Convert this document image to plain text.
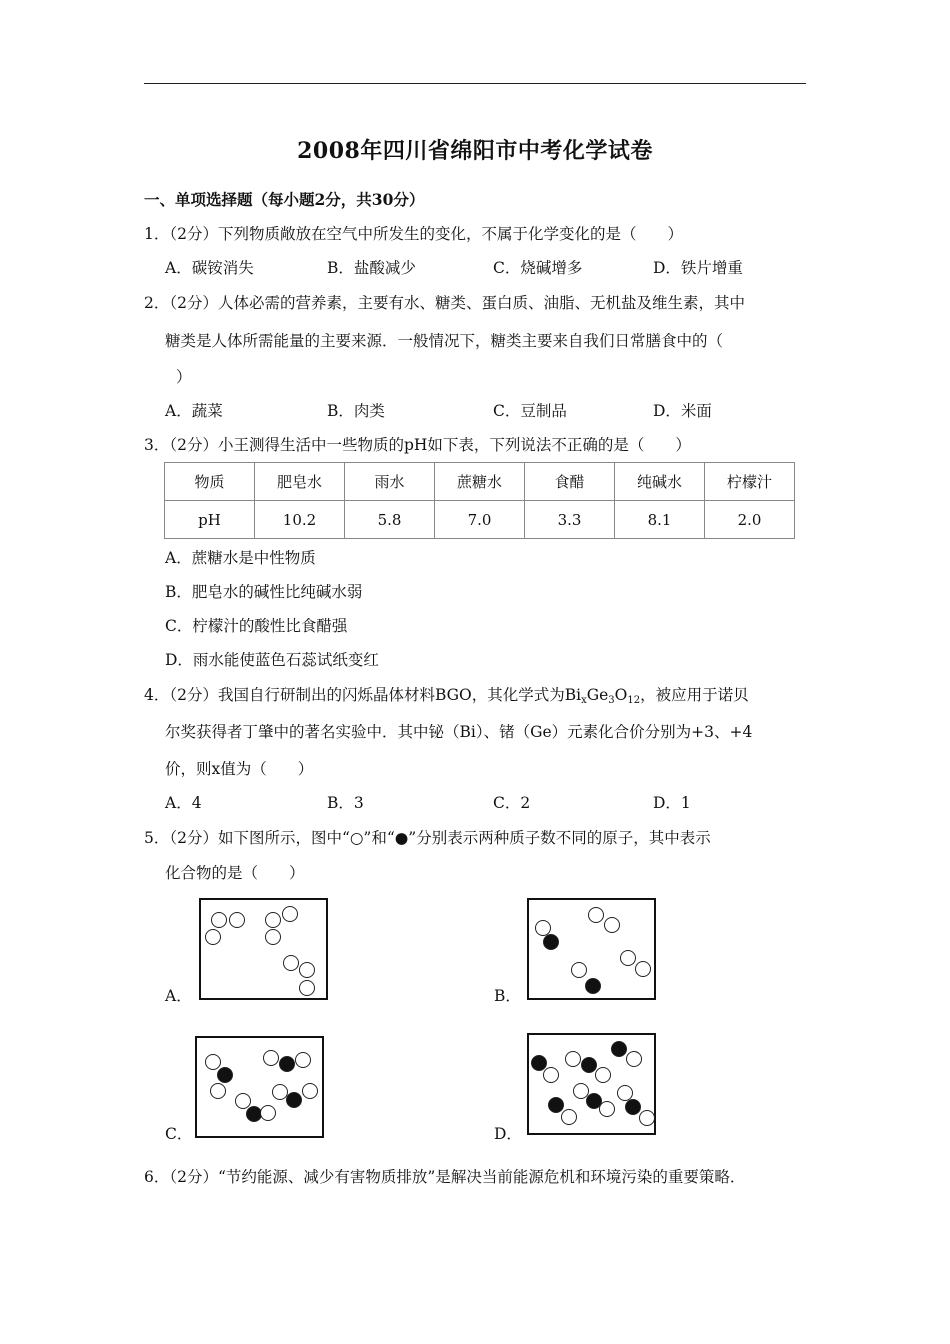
2008年四川省绵阳市中考化学试卷
一、单项选择题（每小题2分，共30分）
1．（2分）下列物质敞放在空气中所发生的变化，不属于化学变化的是（　　）
A．碳铵消失	B．盐酸减少	C．烧碱增多	D．铁片增重
2．（2分）人体必需的营养素，主要有水、糖类、蛋白质、油脂、无机盐及维生素，其中
糖类是人体所需能量的主要来源．一般情况下，糖类主要来自我们日常膳食中的（
）
A．蔬菜	B．肉类	C．豆制品	D．米面
3．（2分）小王测得生活中一些物质的pH如下表，下列说法不正确的是（　　）
物质	肥皂水	雨水	蔗糖水	食醋	纯碱水	柠檬汁
pH	10.2	5.8	7.0	3.3	8.1	2.0
A．蔗糖水是中性物质
B．肥皂水的碱性比纯碱水弱
C．柠檬汁的酸性比食醋强
D．雨水能使蓝色石蕊试纸变红
4．（2分）我国自行研制出的闪烁晶体材料BGO，其化学式为$Bi_xGe_3O_{12}$，被应用于诺贝
尔奖获得者丁肇中的著名实验中．其中铋（Bi）、锗（Ge）元素化合价分别为+3、+4
价，则x值为（　　）
A．4	B．3	C．2	D．1
5．（2分）如下图所示，图中“○”和“●”分别表示两种质子数不同的原子，其中表示
化合物的是（　　）
A．	B．
C．	D．
6．（2分）“节约能源、减少有害物质排放”是解决当前能源危机和环境污染的重要策略．
